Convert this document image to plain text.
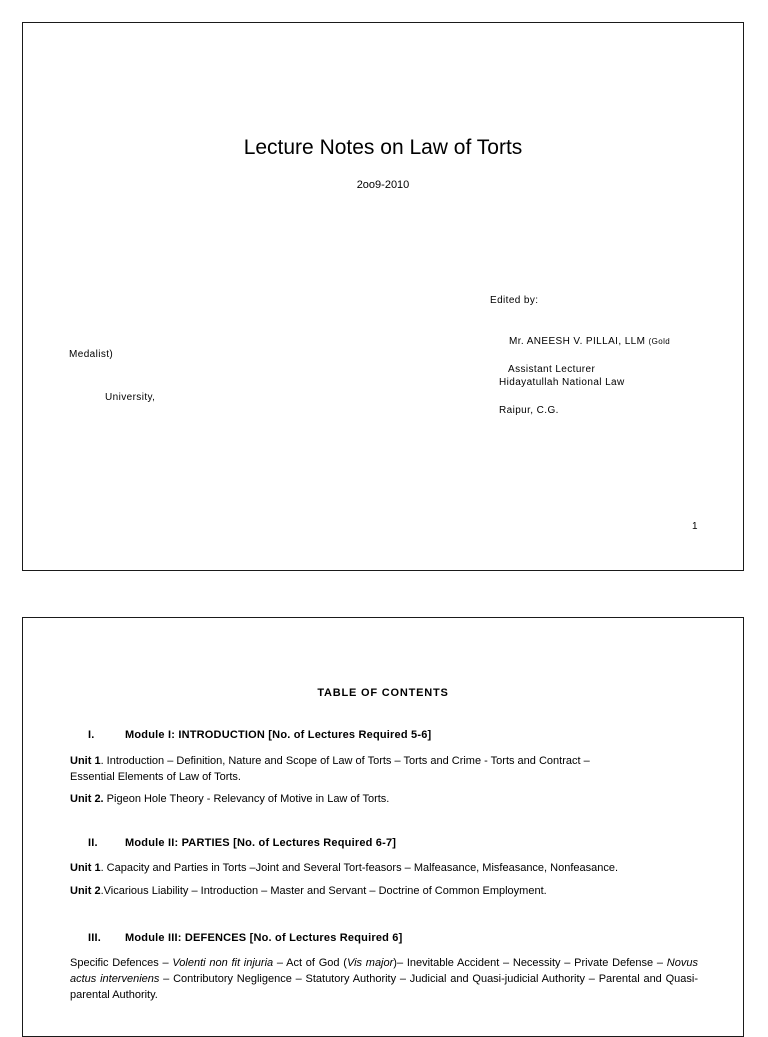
Lecture Notes on Law of Torts
2oo9-2010
Edited by:
Mr. ANEESH V. PILLAI, LLM (Gold
Medalist)
Assistant Lecturer
Hidayatullah National Law
University,
Raipur, C.G.
1
TABLE OF CONTENTS
I.	Module I: INTRODUCTION [No. of Lectures Required 5-6]
Unit 1. Introduction – Definition, Nature and Scope of Law of Torts – Torts and Crime - Torts and Contract –
Essential Elements of Law of Torts.
Unit 2. Pigeon Hole Theory - Relevancy of Motive in Law of Torts.
II. Module II: PARTIES [No. of Lectures Required 6-7]
Unit 1. Capacity and Parties in Torts –Joint and Several Tort-feasors – Malfeasance, Misfeasance, Nonfeasance.
Unit 2.Vicarious Liability – Introduction – Master and Servant – Doctrine of Common Employment.
III. Module III: DEFENCES [No. of Lectures Required 6]
Specific Defences – Volenti non fit injuria – Act of God (Vis major)– Inevitable Accident – Necessity – Private Defense – Novus actus interveniens – Contributory Negligence – Statutory Authority – Judicial and Quasi-judicial Authority – Parental and Quasi-parental Authority.
